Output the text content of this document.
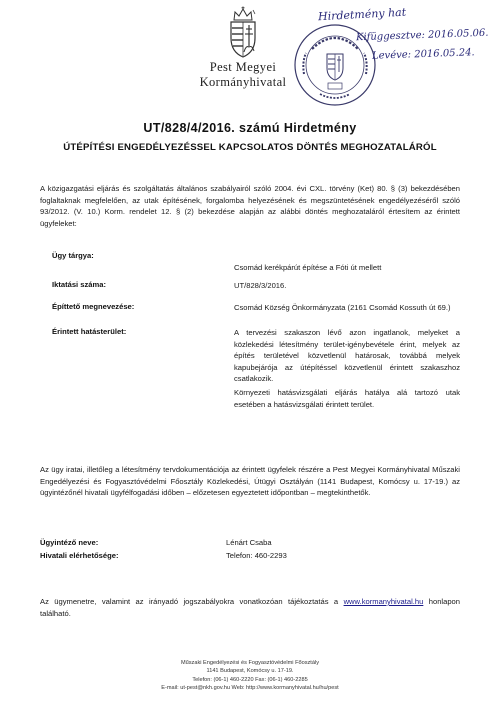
Pest Megyei
Kormányhivatal
Hirdetmény hat
Kifüggesztve: 2016.05.06.
Levéve: 2016.05.24.
UT/828/4/2016. számú Hirdetmény
ÚTÉPÍTÉSI ENGEDÉLYEZÉSSEL KAPCSOLATOS DÖNTÉS MEGHOZATALÁRÓL
A közigazgatási eljárás és szolgáltatás általános szabályairól szóló 2004. évi CXL. törvény (Ket) 80. § (3) bekezdésében foglaltaknak megfelelően, az utak építésének, forgalomba helyezésének és megszüntetésének engedélyezéséről szóló 93/2012. (V. 10.) Korm. rendelet 12. § (2) bekezdése alapján az alábbi döntés meghozataláról értesítem az érintett ügyfeleket:
Ügy tárgya:
Csomád kerékpárút építése a Fóti út mellett
Iktatási száma:	UT/828/3/2016.
Építtető megnevezése:	Csomád Község Önkormányzata (2161 Csomád Kossuth út 69.)
Érintett hatásterület:	A tervezési szakaszon lévő azon ingatlanok, melyeket a közlekedési létesítmény terület-igénybevétele érint, melyek az építés területével közvetlenül határosak, továbbá melyek kapubejárója az útépítéssel közvetlenül érintett szakaszhoz csatlakozik.
Környezeti hatásvizsgálati eljárás hatálya alá tartozó utak esetében a hatásvizsgálati érintett terület.
Az ügy iratai, illetőleg a létesítmény tervdokumentációja az érintett ügyfelek részére a Pest Megyei Kormányhivatal Műszaki Engedélyezési és Fogyasztóvédelmi Főosztály Közlekedési, Útügyi Osztályán (1141 Budapest, Komócsy u. 17-19.) az ügyintézőnél hivatali ügyfélfogadási időben – előzetesen egyeztetett időpontban – megtekinthetők.
Ügyintéző neve:	Lénárt Csaba
Hivatali elérhetősége:	Telefon: 460-2293
Az ügymenetre, valamint az irányadó jogszabályokra vonatkozóan tájékoztatás a www.kormanyhivatal.hu honlapon található.
Műszaki Engedélyezési és Fogyasztóvédelmi Főosztály
1141 Budapest, Komócsy u. 17-19.
Telefon: (06-1) 460-2220 Fax: (06-1) 460-2285
E-mail: ut-pest@nkh.gov.hu Web: http://www.kormanyhivatal.hu/hu/pest
